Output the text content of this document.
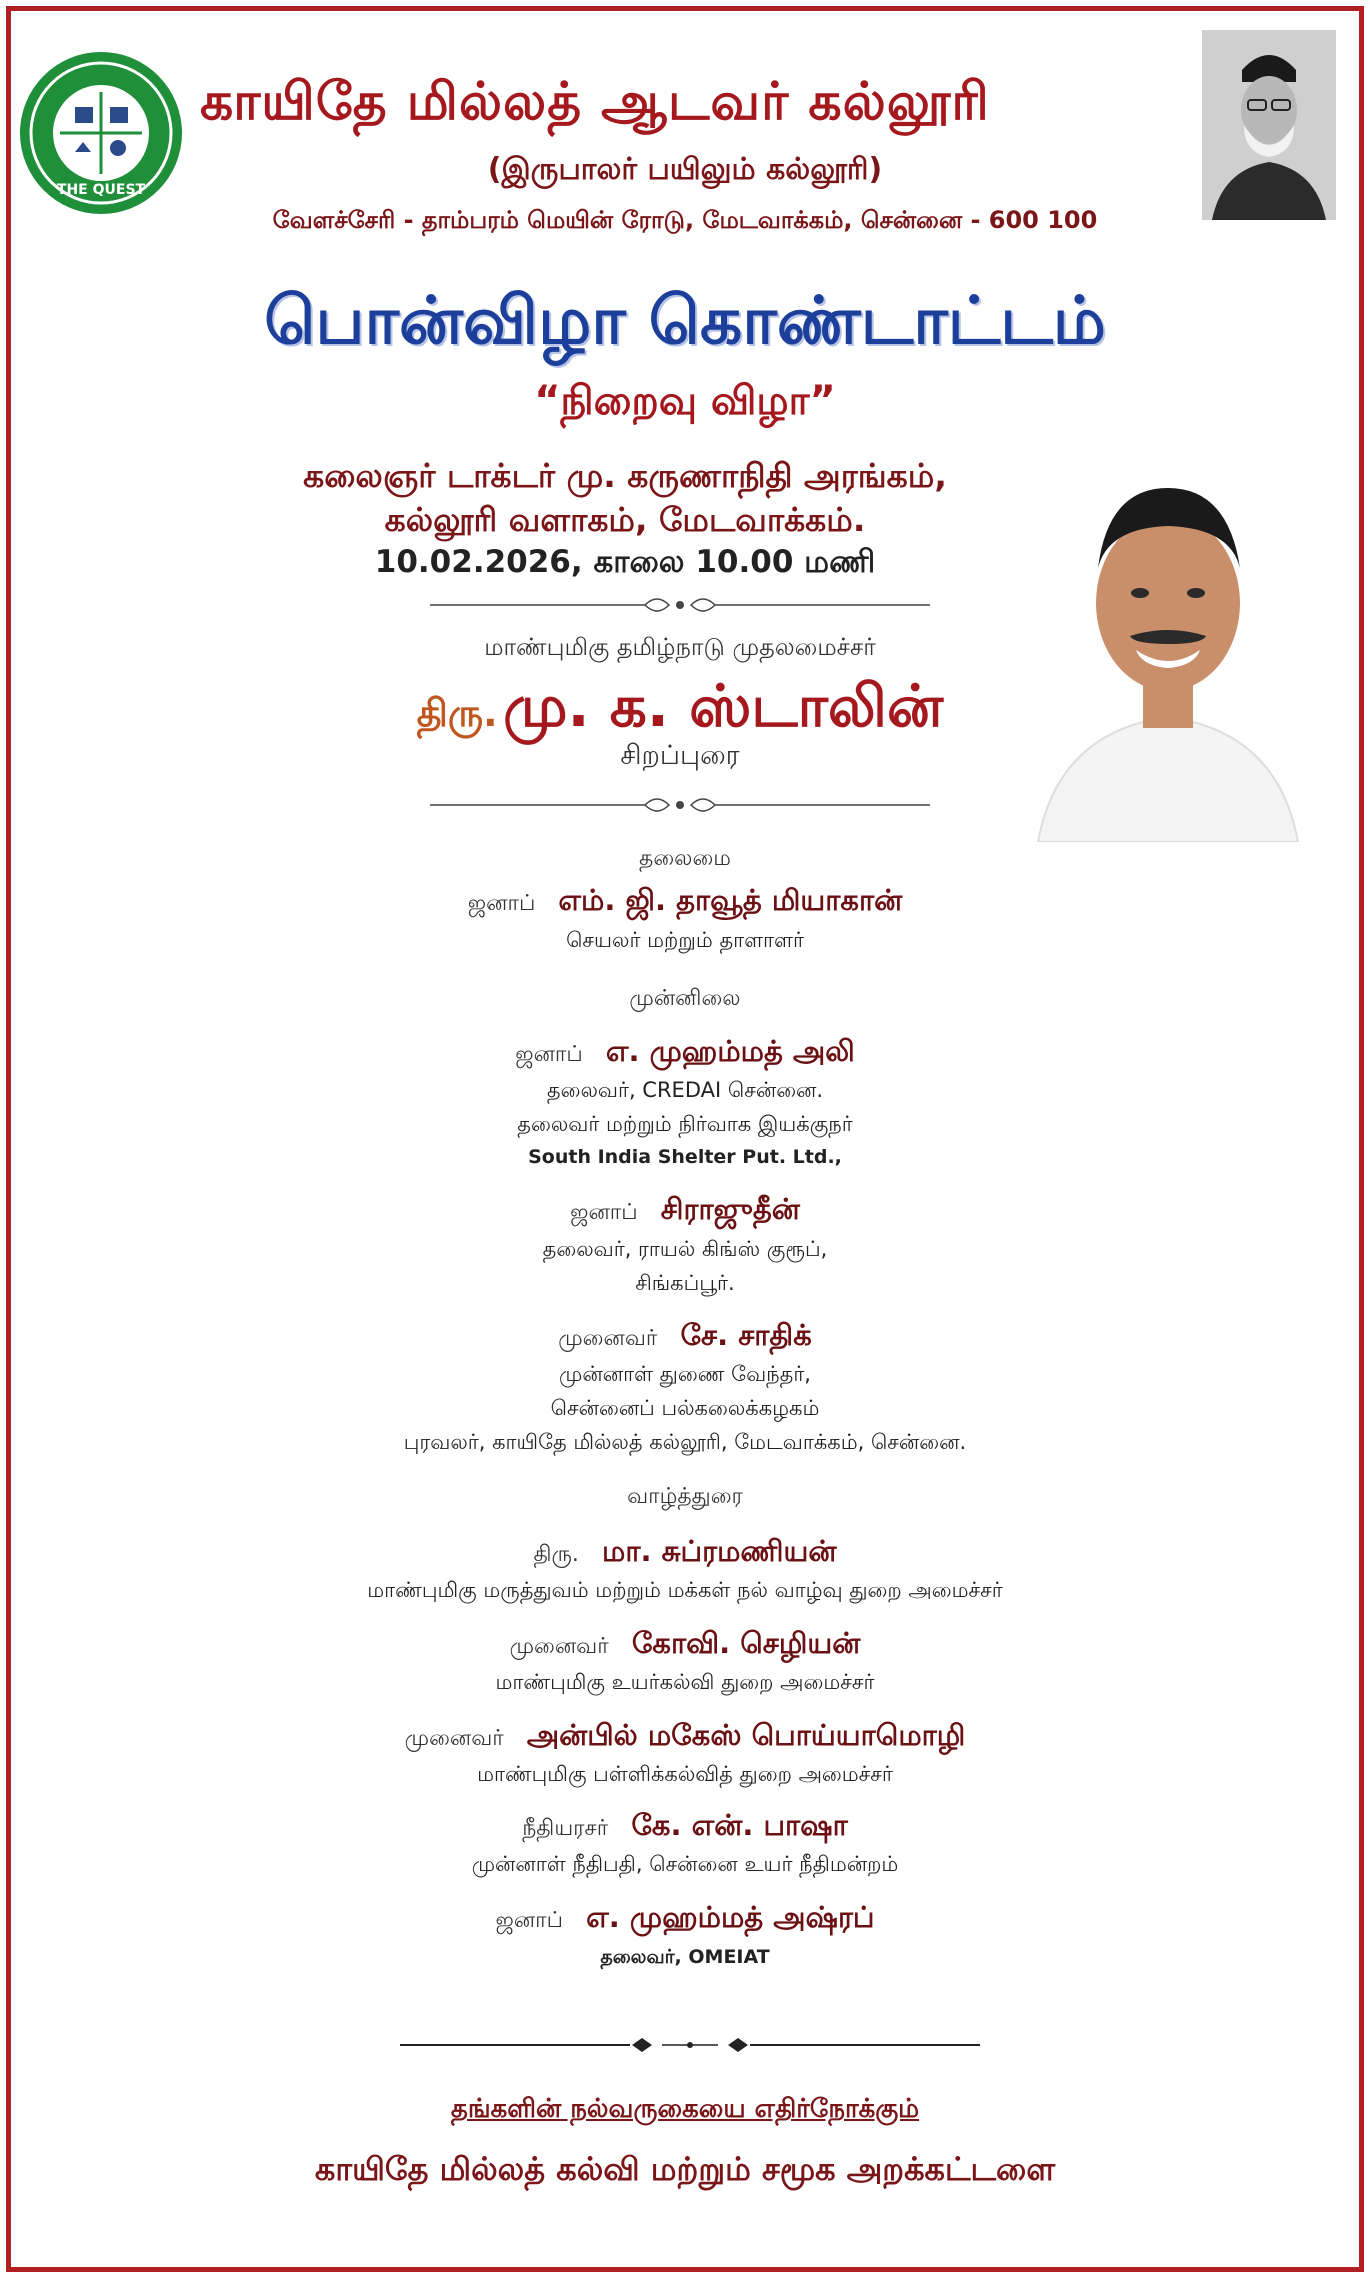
THE QUEST
காயிதே மில்லத் ஆடவர் கல்லூரி
(இருபாலர் பயிலும் கல்லூரி)
வேளச்சேரி - தாம்பரம் மெயின் ரோடு, மேடவாக்கம், சென்னை - 600 100
பொன்விழா கொண்டாட்டம்
“நிறைவு விழா”
கலைஞர் டாக்டர் மு. கருணாநிதி அரங்கம்,
கல்லூரி வளாகம், மேடவாக்கம்.
10.02.2026, காலை 10.00 மணி
மாண்புமிகு தமிழ்நாடு முதலமைச்சர்
திரு. மு. க. ஸ்டாலின்
சிறப்புரை
தலைமை
ஜனாப் எம். ஜி. தாவூத் மியாகான்
செயலர் மற்றும் தாளாளர்
முன்னிலை
ஜனாப் எ. முஹம்மத் அலி
தலைவர், CREDAI சென்னை.
தலைவர் மற்றும் நிர்வாக இயக்குநர்
South India Shelter Put. Ltd.,
ஜனாப் சிராஜுதீன்
தலைவர், ராயல் கிங்ஸ் குரூப்,
சிங்கப்பூர்.
முனைவர் சே. சாதிக்
முன்னாள் துணை வேந்தர்,
சென்னைப் பல்கலைக்கழகம்
புரவலர், காயிதே மில்லத் கல்லூரி, மேடவாக்கம், சென்னை.
வாழ்த்துரை
திரு. மா. சுப்ரமணியன்
மாண்புமிகு மருத்துவம் மற்றும் மக்கள் நல் வாழ்வு துறை அமைச்சர்
முனைவர் கோவி. செழியன்
மாண்புமிகு உயர்கல்வி துறை அமைச்சர்
முனைவர் அன்பில் மகேஸ் பொய்யாமொழி
மாண்புமிகு பள்ளிக்கல்வித் துறை அமைச்சர்
நீதியரசர் கே. என். பாஷா
முன்னாள் நீதிபதி, சென்னை உயர் நீதிமன்றம்
ஜனாப் எ. முஹம்மத் அஷ்ரப்
தலைவர், OMEIAT
தங்களின் நல்வருகையை எதிர்நோக்கும்
காயிதே மில்லத் கல்வி மற்றும் சமூக அறக்கட்டளை
